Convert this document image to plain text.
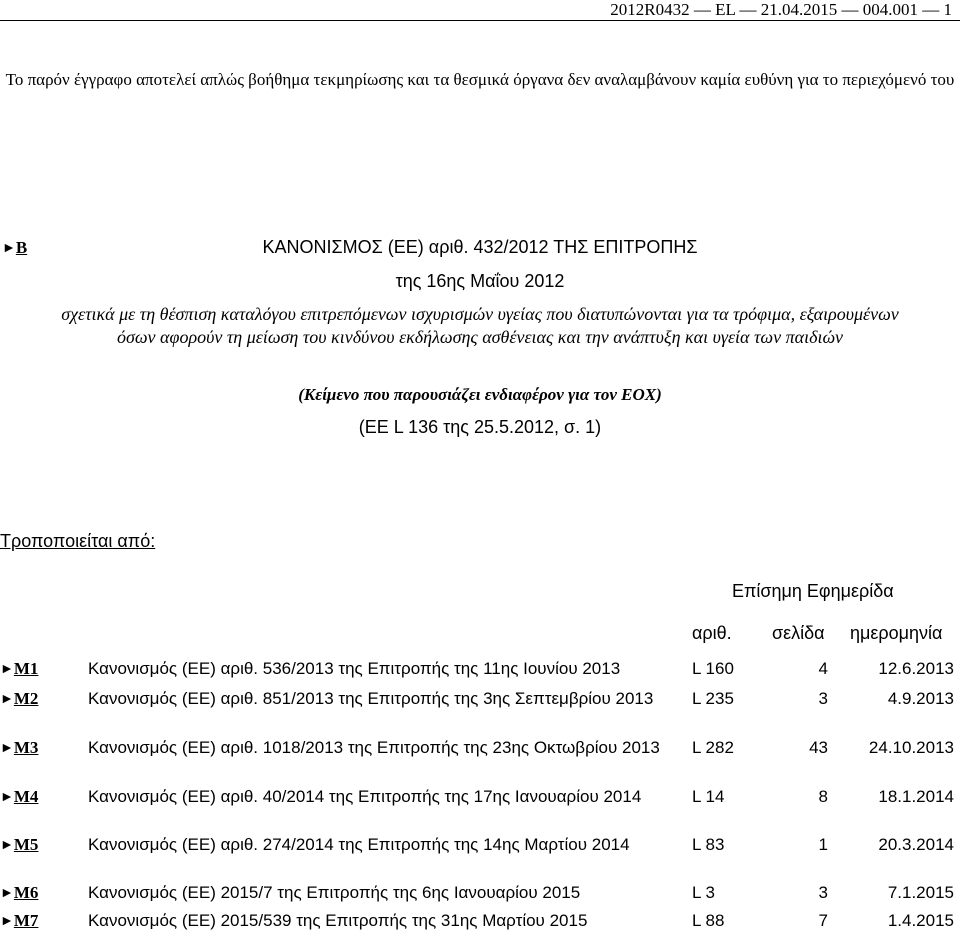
2012R0432 — EL — 21.04.2015 — 004.001 — 1
Το παρόν έγγραφο αποτελεί απλώς βοήθημα τεκμηρίωσης και τα θεσμικά όργανα δεν αναλαμβάνουν καμία ευθύνη για το περιεχόμενό του
►B	ΚΑΝΟΝΙΣΜΟΣ (ΕΕ) αριθ. 432/2012 ΤΗΣ ΕΠΙΤΡΟΠΗΣ
της 16ης Μαΐου 2012
σχετικά με τη θέσπιση καταλόγου επιτρεπόμενων ισχυρισμών υγείας που διατυπώνονται για τα τρόφιμα, εξαιρουμένων όσων αφορούν τη μείωση του κινδύνου εκδήλωσης ασθένειας και την ανάπτυξη και υγεία των παιδιών
(Κείμενο που παρουσιάζει ενδιαφέρον για τον ΕΟΧ)
(ΕΕ L 136 της 25.5.2012, σ. 1)
Τροποποιείται από:
Επίσημη Εφημερίδα
αριθ. σελίδα ημερομηνία
►M1	Κανονισμός (ΕΕ) αριθ. 536/2013 της Επιτροπής της 11ης Ιουνίου 2013	L 160	4	12.6.2013
►M2	Κανονισμός (ΕΕ) αριθ. 851/2013 της Επιτροπής της 3ης Σεπτεμβρίου 2013	L 235	3	4.9.2013
►M3	Κανονισμός (ΕΕ) αριθ. 1018/2013 της Επιτροπής της 23ης Οκτωβρίου 2013	L 282	43 24.10.2013
►M4	Κανονισμός (ΕΕ) αριθ. 40/2014 της Επιτροπής της 17ης Ιανουαρίου 2014	L 14	8	18.1.2014
►M5	Κανονισμός (ΕΕ) αριθ. 274/2014 της Επιτροπής της 14ης Μαρτίου 2014	L 83	1	20.3.2014
►M6	Κανονισμός (ΕΕ) 2015/7 της Επιτροπής της 6ης Ιανουαρίου 2015	L 3	3	7.1.2015
►M7	Κανονισμός (ΕΕ) 2015/539 της Επιτροπής της 31ης Μαρτίου 2015	L 88	7	1.4.2015
